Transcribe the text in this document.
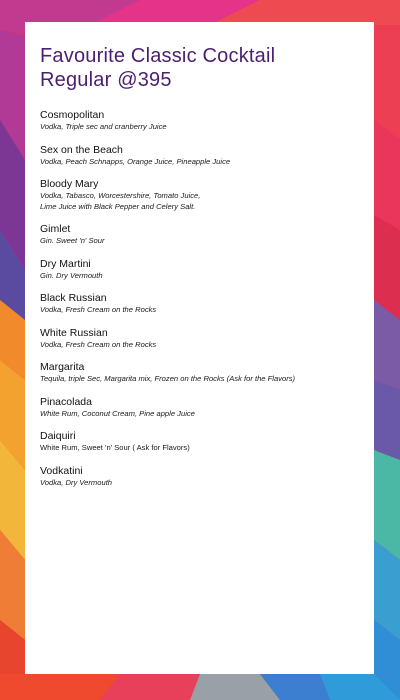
Favourite Classic Cocktail
Regular @395
Cosmopolitan
Vodka, Triple sec and cranberry Juice
Sex on the Beach
Vodka, Peach Schnapps, Orange Juice, Pineapple Juice
Bloody Mary
Vodka, Tabasco, Worcestershire, Tomato Juice,
Lime Juice with Black Pepper and Celery Salt.
Gimlet
Gin. Sweet 'n' Sour
Dry Martini
Gin. Dry Vermouth
Black Russian
Vodka, Fresh Cream on the Rocks
White Russian
Vodka, Fresh Cream on the Rocks
Margarita
Tequila, triple Sec, Margarita mix, Frozen on the Rocks (Ask for the Flavors)
Pinacolada
White Rum, Coconut Cream, Pine apple Juice
Daiquiri
White Rum, Sweet 'n' Sour ( Ask for Flavors)
Vodkatini
Vodka, Dry Vermouth
